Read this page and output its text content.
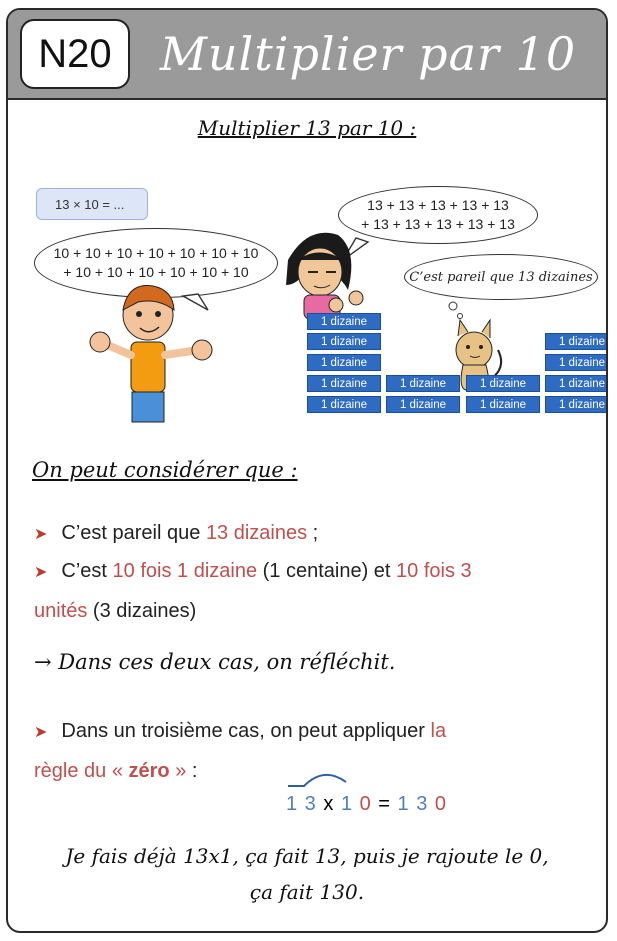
N20	Multiplier par 10
Multiplier 13 par 10 :
13 × 10 = ...
10 + 10 + 10 + 10 + 10 + 10 + 10
+ 10 + 10 + 10 + 10 + 10 + 10
13 + 13 + 13 + 13 + 13
+ 13 + 13 + 13 + 13 + 13
C’est pareil que 13 dizaines
1 dizaine
1 dizaine	1 dizaine
1 dizaine	1 dizaine
1 dizaine	1 dizaine	1 dizaine	1 dizaine
1 dizaine	1 dizaine	1 dizaine	1 dizaine
On peut considérer que :
➤ C’est pareil que 13 dizaines ;
➤ C’est 10 fois 1 dizaine (1 centaine) et 10 fois 3
unités (3 dizaines)
→ Dans ces deux cas, on réfléchit.
➤ Dans un troisième cas, on peut appliquer la
règle du « zéro » :
1 3 x 1 0 = 1 3 0
Je fais déjà 13x1, ça fait 13, puis je rajoute le 0,
ça fait 130.
